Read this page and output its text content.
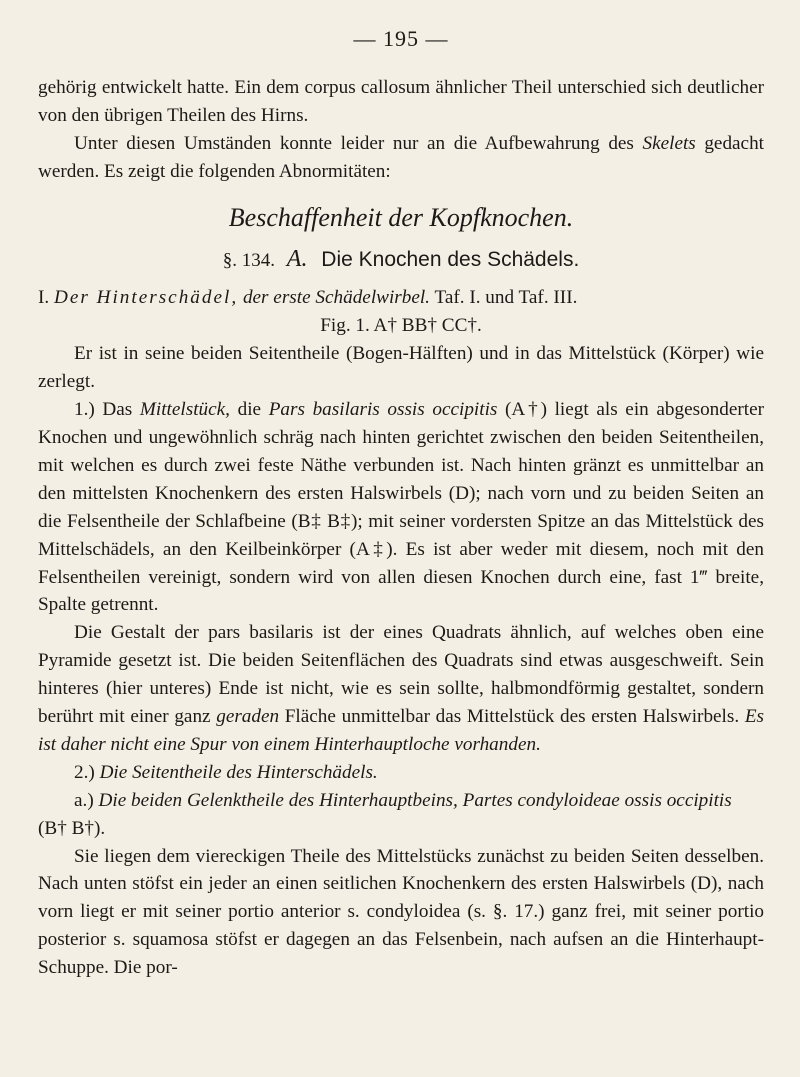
— 195 —

gehörig entwickelt hatte. Ein dem corpus callosum ähnlicher Theil unterschied sich deutlicher von den übrigen Theilen des Hirns.

Unter diesen Umständen konnte leider nur an die Aufbewahrung des Skelets gedacht werden. Es zeigt die folgenden Abnormitäten:

Beschaffenheit der Kopfknochen.
§. 134. A. Die Knochen des Schädels.

I. Der Hinterschädel, der erste Schädelwirbel. Taf. I. und Taf. III.

Fig. 1. A† BB† CC†.

Er ist in seine beiden Seitentheile (Bogen-Hälften) und in das Mittelstück (Körper) wie zerlegt.

1.) Das Mittelstück, die Pars basilaris ossis occipitis (A†) liegt als ein abgesonderter Knochen und ungewöhnlich schräg nach hinten gerichtet zwischen den beiden Seitentheilen, mit welchen es durch zwei feste Näthe verbunden ist. Nach hinten gränzt es unmittelbar an den mittelsten Knochenkern des ersten Halswirbels (D); nach vorn und zu beiden Seiten an die Felsentheile der Schlafbeine (B‡ B‡); mit seiner vordersten Spitze an das Mittelstück des Mittelschädels, an den Keilbeinkörper (A‡). Es ist aber weder mit diesem, noch mit den Felsentheilen vereinigt, sondern wird von allen diesen Knochen durch eine, fast 1‴ breite, Spalte getrennt.

Die Gestalt der pars basilaris ist der eines Quadrats ähnlich, auf welches oben eine Pyramide gesetzt ist. Die beiden Seitenflächen des Quadrats sind etwas ausgeschweift. Sein hinteres (hier unteres) Ende ist nicht, wie es sein sollte, halbmondförmig gestaltet, sondern berührt mit einer ganz geraden Fläche unmittelbar das Mittelstück des ersten Halswirbels. Es ist daher nicht eine Spur von einem Hinterhauptloche vorhanden.

2.) Die Seitentheile des Hinterschädels.

a.) Die beiden Gelenktheile des Hinterhauptbeins, Partes condyloideae ossis occipitis (B† B†).

Sie liegen dem viereckigen Theile des Mittelstücks zunächst zu beiden Seiten desselben. Nach unten stöfst ein jeder an einen seitlichen Knochenkern des ersten Halswirbels (D), nach vorn liegt er mit seiner portio anterior s. condyloidea (s. §. 17.) ganz frei, mit seiner portio posterior s. squamosa stöfst er dagegen an das Felsenbein, nach aufsen an die Hinterhaupt-Schuppe. Die por-
